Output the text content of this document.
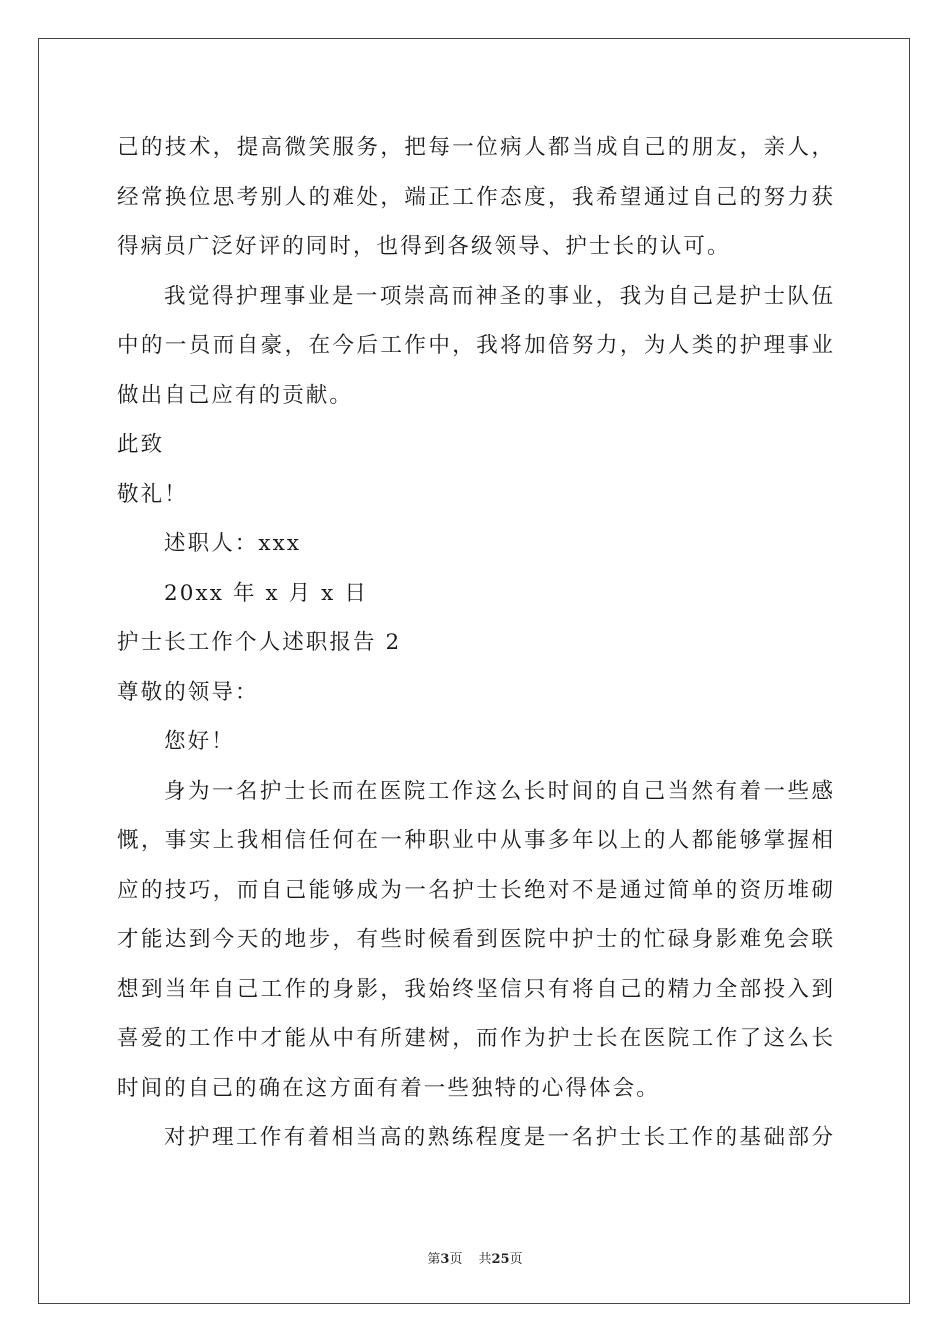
己的技术，提高微笑服务，把每一位病人都当成自己的朋友，亲人，
经常换位思考别人的难处，端正工作态度，我希望通过自己的努力获
得病员广泛好评的同时，也得到各级领导、护士长的认可。
我觉得护理事业是一项崇高而神圣的事业，我为自己是护士队伍
中的一员而自豪，在今后工作中，我将加倍努力，为人类的护理事业
做出自己应有的贡献。
此致
敬礼！
述职人：xxx
20xx 年 x 月 x 日
护士长工作个人述职报告 2
尊敬的领导：
您好！
身为一名护士长而在医院工作这么长时间的自己当然有着一些感
慨，事实上我相信任何在一种职业中从事多年以上的人都能够掌握相
应的技巧，而自己能够成为一名护士长绝对不是通过简单的资历堆砌
才能达到今天的地步，有些时候看到医院中护士的忙碌身影难免会联
想到当年自己工作的身影，我始终坚信只有将自己的精力全部投入到
喜爱的工作中才能从中有所建树，而作为护士长在医院工作了这么长
时间的自己的确在这方面有着一些独特的心得体会。
对护理工作有着相当高的熟练程度是一名护士长工作的基础部分
第3页 共25页
